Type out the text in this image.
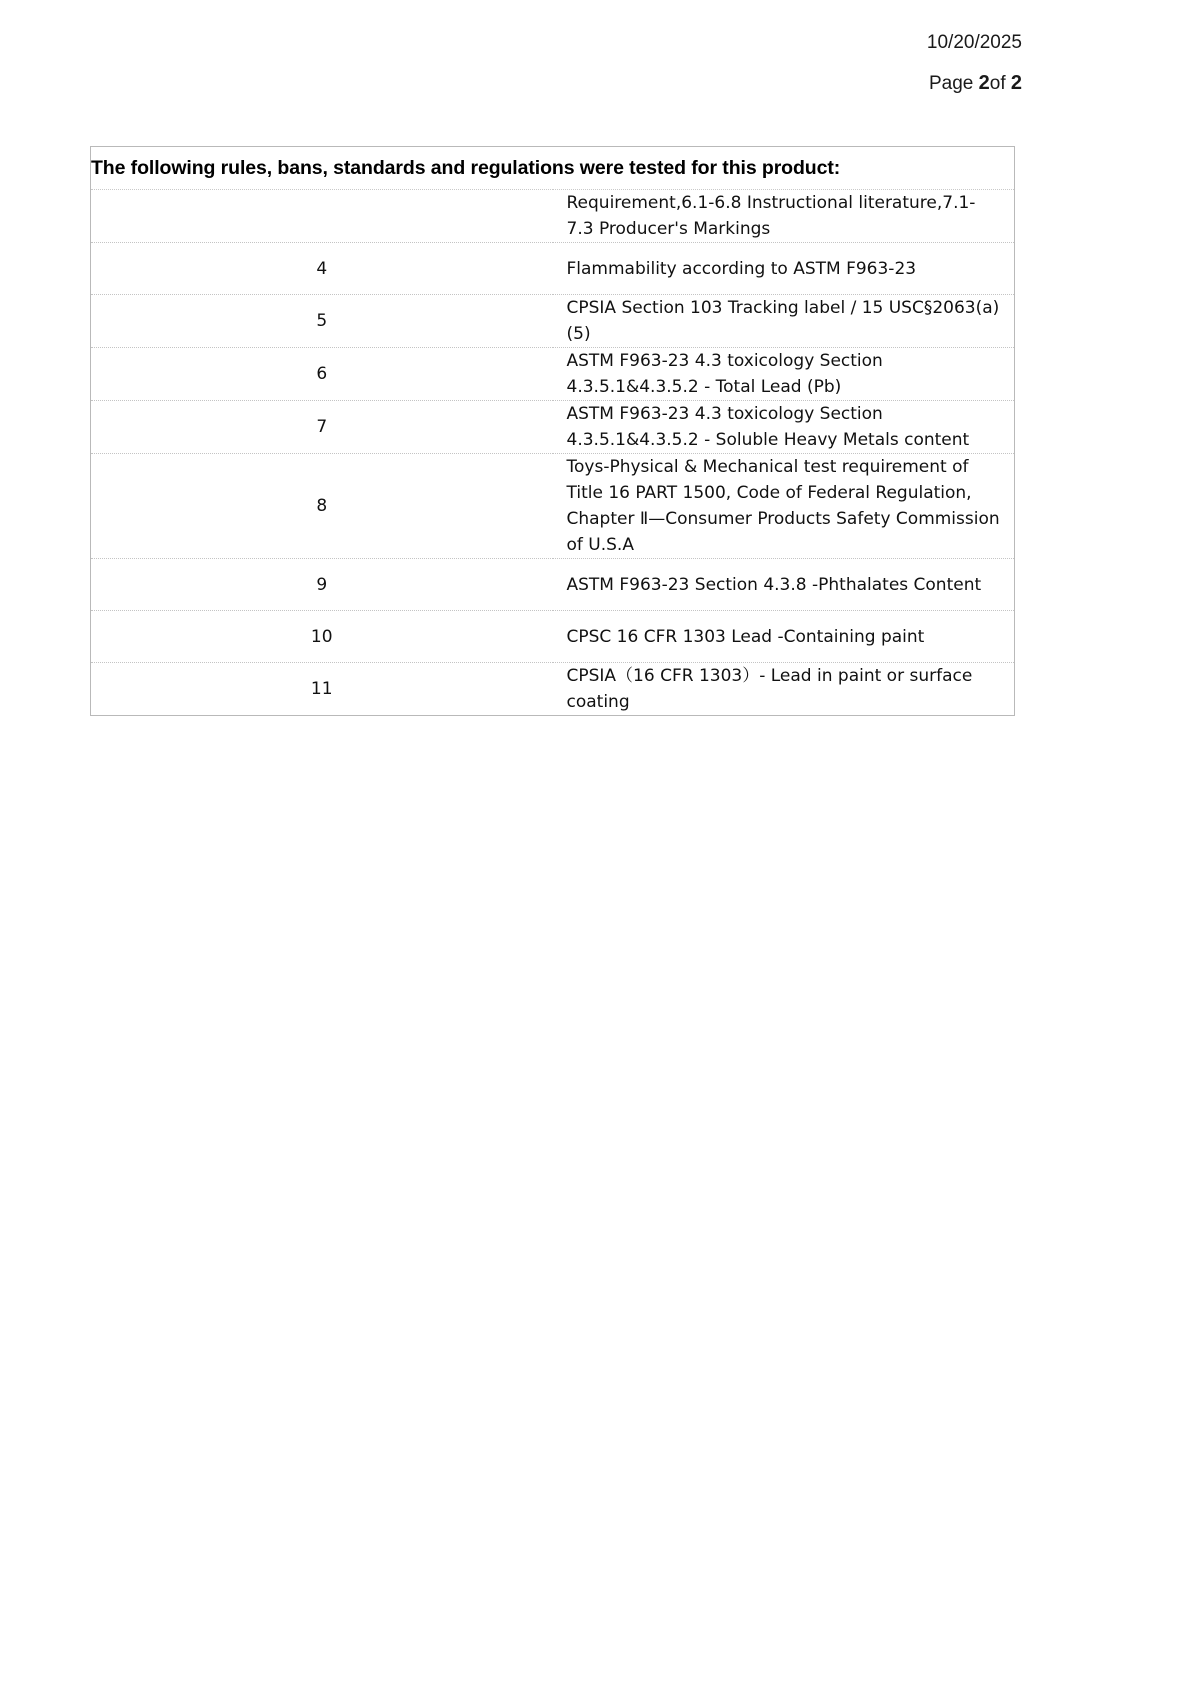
10/20/2025
Page 2of 2
The following rules, bans, standards and regulations were tested for this product:	
	Requirement,6.1-6.8 Instructional literature,7.1-7.3 Producer's Markings
4	Flammability according to ASTM F963-23
5	CPSIA Section 103 Tracking label / 15 USC§2063(a)(5)
6	ASTM F963-23 4.3 toxicology Section 4.3.5.1&4.3.5.2 - Total Lead (Pb)
7	ASTM F963-23 4.3 toxicology Section 4.3.5.1&4.3.5.2 - Soluble Heavy Metals content
8	Toys-Physical & Mechanical test requirement of Title 16 PART 1500, Code of Federal Regulation, Chapter Ⅱ—Consumer Products Safety Commission of U.S.A
9	ASTM F963-23 Section 4.3.8 -Phthalates Content
10	CPSC 16 CFR 1303 Lead -Containing paint
11	CPSIA（16 CFR 1303）- Lead in paint or surface coating
